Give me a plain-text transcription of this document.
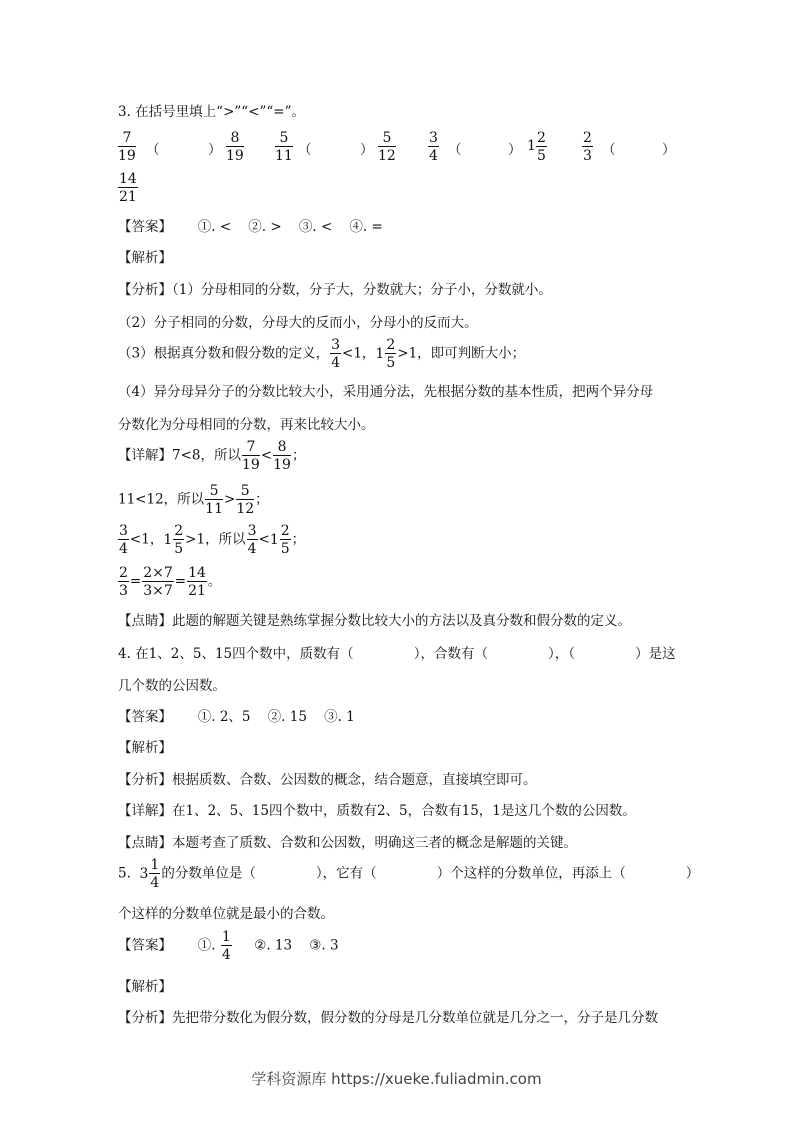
3. 在括号里填上“>”“<”“=”。
$\frac{7}{19}$ （	） $\frac{8}{19} \frac{5}{11}$ （	） $\frac{5}{12} \frac{3}{4}$ （	） $1 \frac{2}{5}$	$\frac{2}{3}$ （	）
$\frac{14}{21}$
【答案】 ①. <    ②. >    ③. <    ④. =
【解析】
【分析】（1）分母相同的分数，分子大，分数就大；分子小，分数就小。
（2）分子相同的分数，分母大的反而小，分母小的反而大。
（3）根据真分数和假分数的定义， $\frac{3}{4} <1$，$1 \frac{2}{5} >1$，即可判断大小；
（4）异分母异分子的分数比较大小，采用通分法，先根据分数的基本性质，把两个异分母
分数化为分母相同的分数，再来比较大小。
【详解】7<8，所以 $\frac{7}{19} < \frac{8}{19}$ ；
11<12，所以 $\frac{5}{11} > \frac{5}{12}$ ；
$\frac{3}{4} <1$，$1 \frac{2}{5} >1$，所以 $\frac{3}{4} <1 \frac{2}{5}$ ；
$\frac{2}{3} = \frac{2\times 7}{3\times 7} = \frac{14}{21}$ 。
【点睛】此题的解题关键是熟练掌握分数比较大小的方法以及真分数和假分数的定义。
4. 在1、2、5、15四个数中，质数有（              ），合数有（              ），（              ）是这
几个数的公因数。
【答案】      ①. 2、5    ②. 15    ③. 1
【解析】
【分析】根据质数、合数、公因数的概念，结合题意，直接填空即可。
【详解】在1、2、5、15四个数中，质数有2、5，合数有15，1是这几个数的公因数。
【点睛】本题考查了质数、合数和公因数，明确这三者的概念是解题的关键。
5. $3 \frac{1}{4}$ 的分数单位是（              ），它有（              ）个这样的分数单位，再添上（              ）
个这样的分数单位就是最小的合数。
【答案】      ①. $\frac{1}{4}$ ②. 13    ③. 3
【解析】
【分析】先把带分数化为假分数，假分数的分母是几分数单位就是几分之一，分子是几分数
学科资源库 https://xueke.fuliadmin.com
